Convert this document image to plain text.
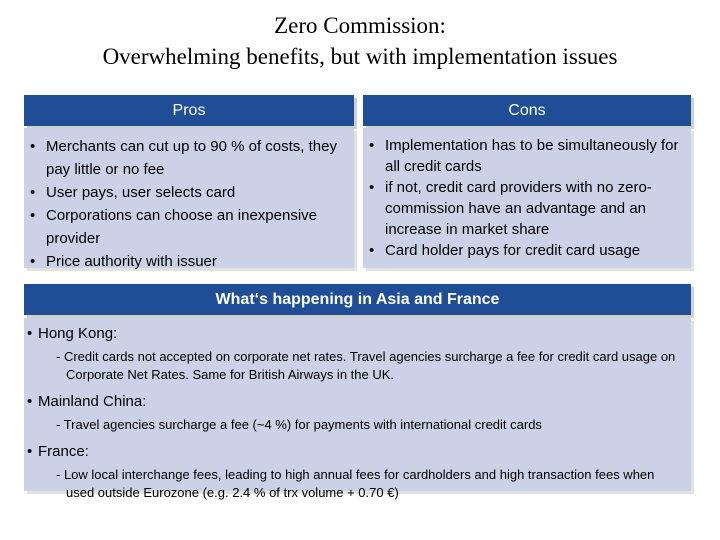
Zero Commission:
Overwhelming benefits, but with implementation issues
Pros
• Merchants can cut up to 90 % of costs, they pay little or no fee
• User pays, user selects card
• Corporations can choose an inexpensive provider
• Price authority with issuer
Cons
• Implementation has to be simultaneously for all credit cards
• if not, credit card providers with no zero-commission have an advantage and an increase in market share
• Card holder pays for credit card usage
What‘s happening in Asia and France
• Hong Kong:
- Credit cards not accepted on corporate net rates. Travel agencies surcharge a fee for credit card usage on Corporate Net Rates. Same for British Airways in the UK.
• Mainland China:
- Travel agencies surcharge a fee (~4 %) for payments with international credit cards
• France:
- Low local interchange fees, leading to high annual fees for cardholders and high transaction fees when used outside Eurozone (e.g. 2.4 % of trx volume + 0.70 €)
